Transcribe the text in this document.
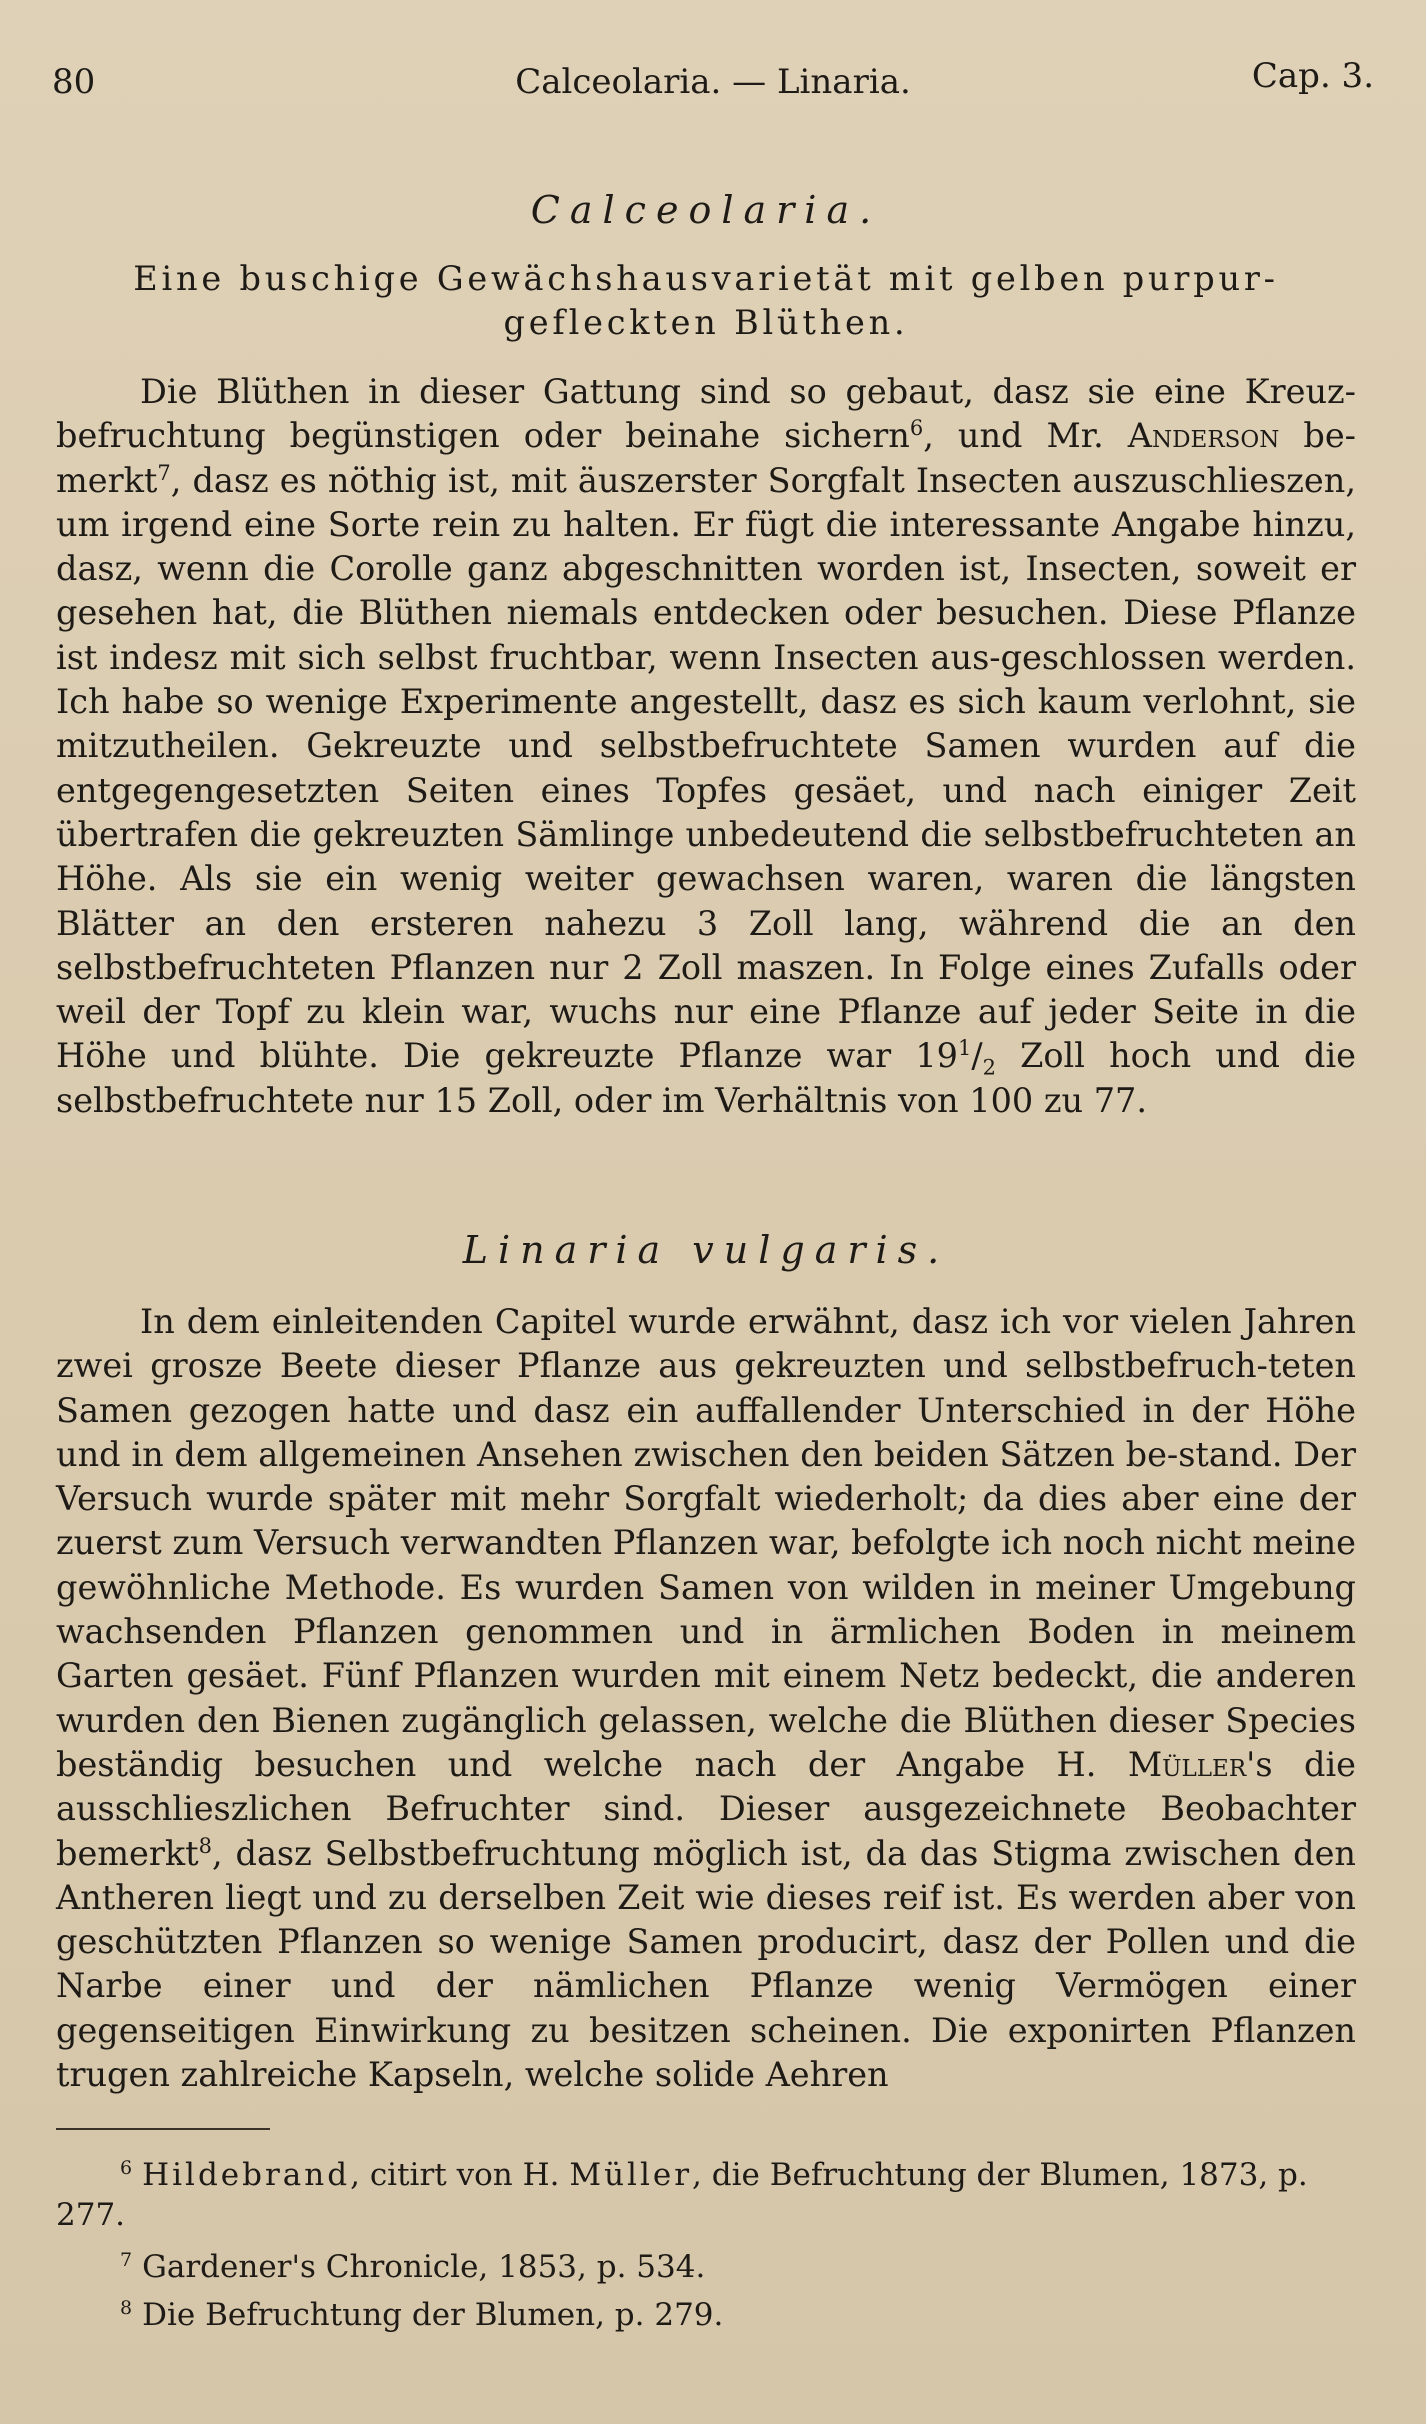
80	Calceolaria. — Linaria.	Cap. 3.
Calceolaria.
Eine buschige Gewächshausvarietät mit gelben purpur-
gefleckten Blüthen.

Die Blüthen in dieser Gattung sind so gebaut, dasz sie eine Kreuz-befruchtung begünstigen oder beinahe sichern$^6$, und Mr. Anderson be-merkt$^7$, dasz es nöthig ist, mit äuszerster Sorgfalt Insecten auszuschlieszen, um irgend eine Sorte rein zu halten. Er fügt die interessante Angabe hinzu, dasz, wenn die Corolle ganz abgeschnitten worden ist, Insecten, soweit er gesehen hat, die Blüthen niemals entdecken oder besuchen. Diese Pflanze ist indesz mit sich selbst fruchtbar, wenn Insecten aus-geschlossen werden. Ich habe so wenige Experimente angestellt, dasz es sich kaum verlohnt, sie mitzutheilen. Gekreuzte und selbstbefruchtete Samen wurden auf die entgegengesetzten Seiten eines Topfes gesäet, und nach einiger Zeit übertrafen die gekreuzten Sämlinge unbedeutend die selbstbefruchteten an Höhe. Als sie ein wenig weiter gewachsen waren, waren die längsten Blätter an den ersteren nahezu 3 Zoll lang, während die an den selbstbefruchteten Pflanzen nur 2 Zoll maszen. In Folge eines Zufalls oder weil der Topf zu klein war, wuchs nur eine Pflanze auf jeder Seite in die Höhe und blühte. Die gekreuzte Pflanze war $19^1/_2$ Zoll hoch und die selbstbefruchtete nur 15 Zoll, oder im Verhältnis von 100 zu 77.

Linaria vulgaris.

In dem einleitenden Capitel wurde erwähnt, dasz ich vor vielen Jahren zwei grosze Beete dieser Pflanze aus gekreuzten und selbstbefruch-teten Samen gezogen hatte und dasz ein auffallender Unterschied in der Höhe und in dem allgemeinen Ansehen zwischen den beiden Sätzen be-stand. Der Versuch wurde später mit mehr Sorgfalt wiederholt; da dies aber eine der zuerst zum Versuch verwandten Pflanzen war, befolgte ich noch nicht meine gewöhnliche Methode. Es wurden Samen von wilden in meiner Umgebung wachsenden Pflanzen genommen und in ärmlichen Boden in meinem Garten gesäet. Fünf Pflanzen wurden mit einem Netz bedeckt, die anderen wurden den Bienen zugänglich gelassen, welche die Blüthen dieser Species beständig besuchen und welche nach der Angabe H. Müller's die ausschlieszlichen Befruchter sind. Dieser ausgezeichnete Beobachter bemerkt$^8$, dasz Selbstbefruchtung möglich ist, da das Stigma zwischen den Antheren liegt und zu derselben Zeit wie dieses reif ist. Es werden aber von geschützten Pflanzen so wenige Samen producirt, dasz der Pollen und die Narbe einer und der nämlichen Pflanze wenig Vermögen einer gegenseitigen Einwirkung zu besitzen scheinen. Die exponirten Pflanzen trugen zahlreiche Kapseln, welche solide Aehren

$^6$ Hildebrand, citirt von H. Müller, die Befruchtung der Blumen, 1873, p. 277.

$^7$ Gardener's Chronicle, 1853, p. 534.

$^8$ Die Befruchtung der Blumen, p. 279.
